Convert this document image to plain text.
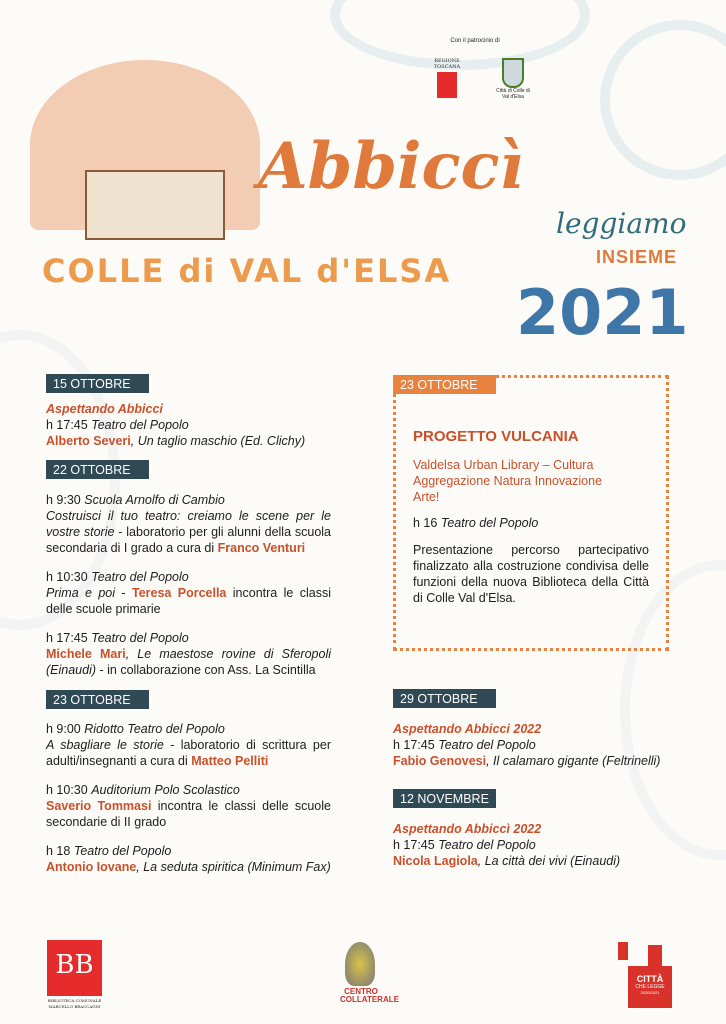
Con il patrocinio di
REGIONE TOSCANA
Città di Colle di Val d'Elsa
Abbiccì
leggiamo
INSIEME
COLLE di VAL d'ELSA
2021
15 OTTOBRE
Aspettando Abbicci
h 17:45 Teatro del Popolo
Alberto Severi, Un taglio maschio (Ed. Clichy)
22 OTTOBRE
h 9:30 Scuola Arnolfo di Cambio
Costruisci il tuo teatro: creiamo le scene per le vostre storie - laboratorio per gli alunni della scuola secondaria di I grado a cura di Franco Venturi
h 10:30 Teatro del Popolo
Prima e poi - Teresa Porcella incontra le classi delle scuole primarie
h 17:45 Teatro del Popolo
Michele Mari, Le maestose rovine di Sferopoli (Einaudi) - in collaborazione con Ass. La Scintilla
23 OTTOBRE
h 9:00 Ridotto Teatro del Popolo
A sbagliare le storie - laboratorio di scrittura per adulti/insegnanti a cura di Matteo Pelliti
h 10:30 Auditorium Polo Scolastico
Saverio Tommasi incontra le classi delle scuole secondarie di II grado
h 18 Teatro del Popolo
Antonio Iovane, La seduta spiritica (Minimum Fax)
23 OTTOBRE
PROGETTO VULCANIA
Valdelsa Urban Library – Cultura Aggregazione Natura Innovazione Arte!
h 16 Teatro del Popolo
Presentazione percorso partecipativo finalizzato alla costruzione condivisa delle funzioni della nuova Biblioteca della Città di Colle Val d'Elsa.
29 OTTOBRE
Aspettando Abbicci 2022
h 17:45 Teatro del Popolo
Fabio Genovesi, Il calamaro gigante (Feltrinelli)
12 NOVEMBRE
Aspettando Abbiccì 2022
h 17:45 Teatro del Popolo
Nicola Lagiola, La città dei vivi (Einaudi)
BB
BIBLIOTECA COMUNALE MARCELLO BRACCAGNI
CENTRO COLLATERALE
CITTÀ
CHE LEGGE
2020/2021
